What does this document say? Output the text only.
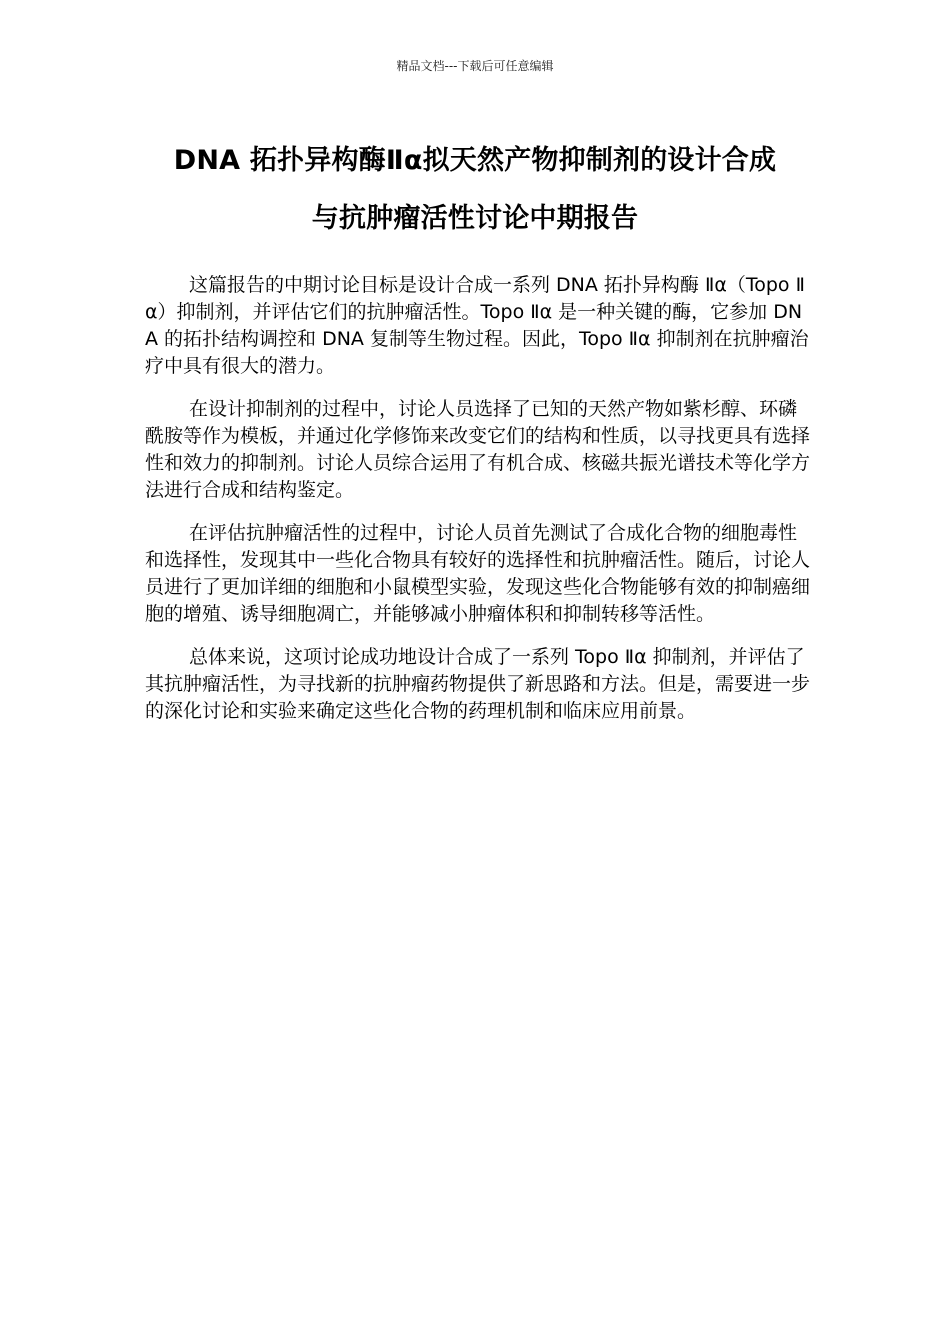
精品文档---下载后可任意编辑
DNA 拓扑异构酶Ⅱα拟天然产物抑制剂的设计合成
与抗肿瘤活性讨论中期报告

这篇报告的中期讨论目标是设计合成一系列 DNA 拓扑异构酶 Ⅱα（Topo Ⅱα）抑制剂，并评估它们的抗肿瘤活性。Topo Ⅱα 是一种关键的酶，它参加 DNA 的拓扑结构调控和 DNA 复制等生物过程。因此，Topo Ⅱα 抑制剂在抗肿瘤治疗中具有很大的潜力。

在设计抑制剂的过程中，讨论人员选择了已知的天然产物如紫杉醇、环磷酰胺等作为模板，并通过化学修饰来改变它们的结构和性质，以寻找更具有选择性和效力的抑制剂。讨论人员综合运用了有机合成、核磁共振光谱技术等化学方法进行合成和结构鉴定。

在评估抗肿瘤活性的过程中，讨论人员首先测试了合成化合物的细胞毒性和选择性，发现其中一些化合物具有较好的选择性和抗肿瘤活性。随后，讨论人员进行了更加详细的细胞和小鼠模型实验，发现这些化合物能够有效的抑制癌细胞的增殖、诱导细胞凋亡，并能够减小肿瘤体积和抑制转移等活性。

总体来说，这项讨论成功地设计合成了一系列 Topo Ⅱα 抑制剂，并评估了其抗肿瘤活性，为寻找新的抗肿瘤药物提供了新思路和方法。但是，需要进一步的深化讨论和实验来确定这些化合物的药理机制和临床应用前景。
